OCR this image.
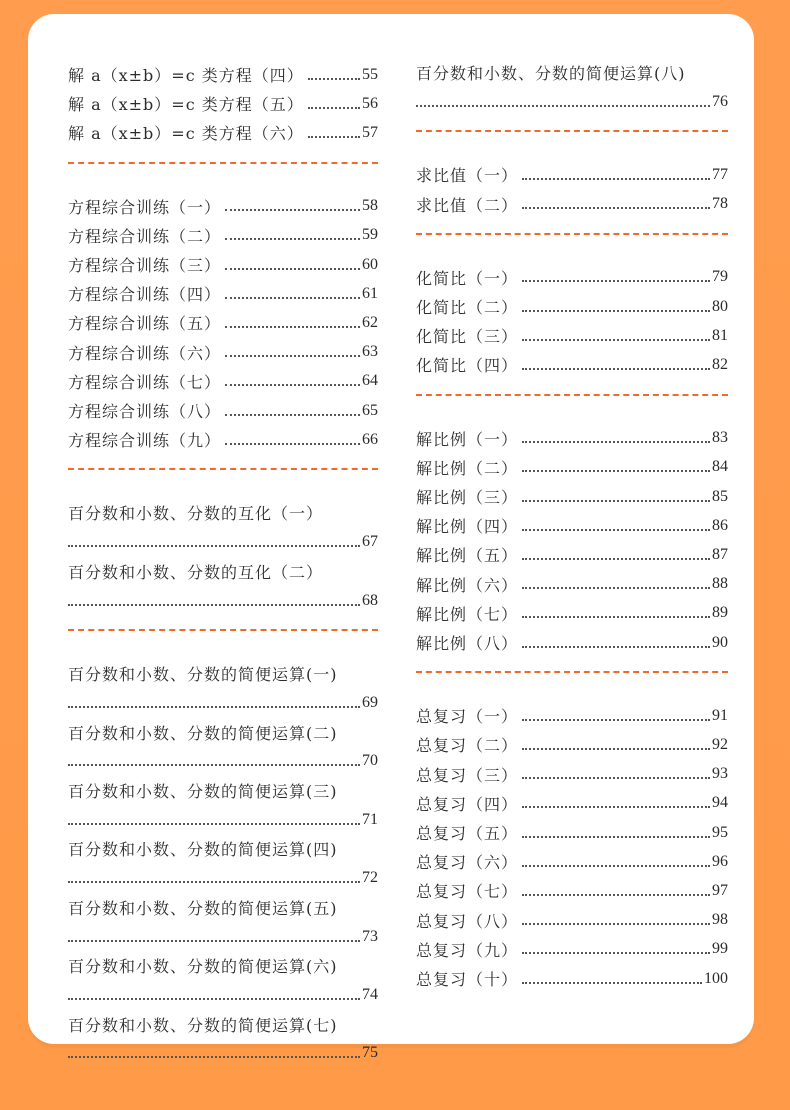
解 a（x±b）=c 类方程（四）	55
解 a（x±b）=c 类方程（五）	56
解 a（x±b）=c 类方程（六）	57
方程综合训练（一）	58
方程综合训练（二）	59
方程综合训练（三）	60
方程综合训练（四）	61
方程综合训练（五）	62
方程综合训练（六）	63
方程综合训练（七）	64
方程综合训练（八）	65
方程综合训练（九）	66
百分数和小数、分数的互化（一）
67
百分数和小数、分数的互化（二）
68
百分数和小数、分数的简便运算(一)
69
百分数和小数、分数的简便运算(二)
70
百分数和小数、分数的简便运算(三)
71
百分数和小数、分数的简便运算(四)
72
百分数和小数、分数的简便运算(五)
73
百分数和小数、分数的简便运算(六)
74
百分数和小数、分数的简便运算(七)
75
百分数和小数、分数的简便运算(八)
76
求比值（一）	77
求比值（二）	78
化简比（一）	79
化简比（二）	80
化简比（三）	81
化简比（四）	82
解比例（一）	83
解比例（二）	84
解比例（三）	85
解比例（四）	86
解比例（五）	87
解比例（六）	88
解比例（七）	89
解比例（八）	90
总复习（一）	91
总复习（二）	92
总复习（三）	93
总复习（四）	94
总复习（五）	95
总复习（六）	96
总复习（七）	97
总复习（八）	98
总复习（九）	99
总复习（十）	100
